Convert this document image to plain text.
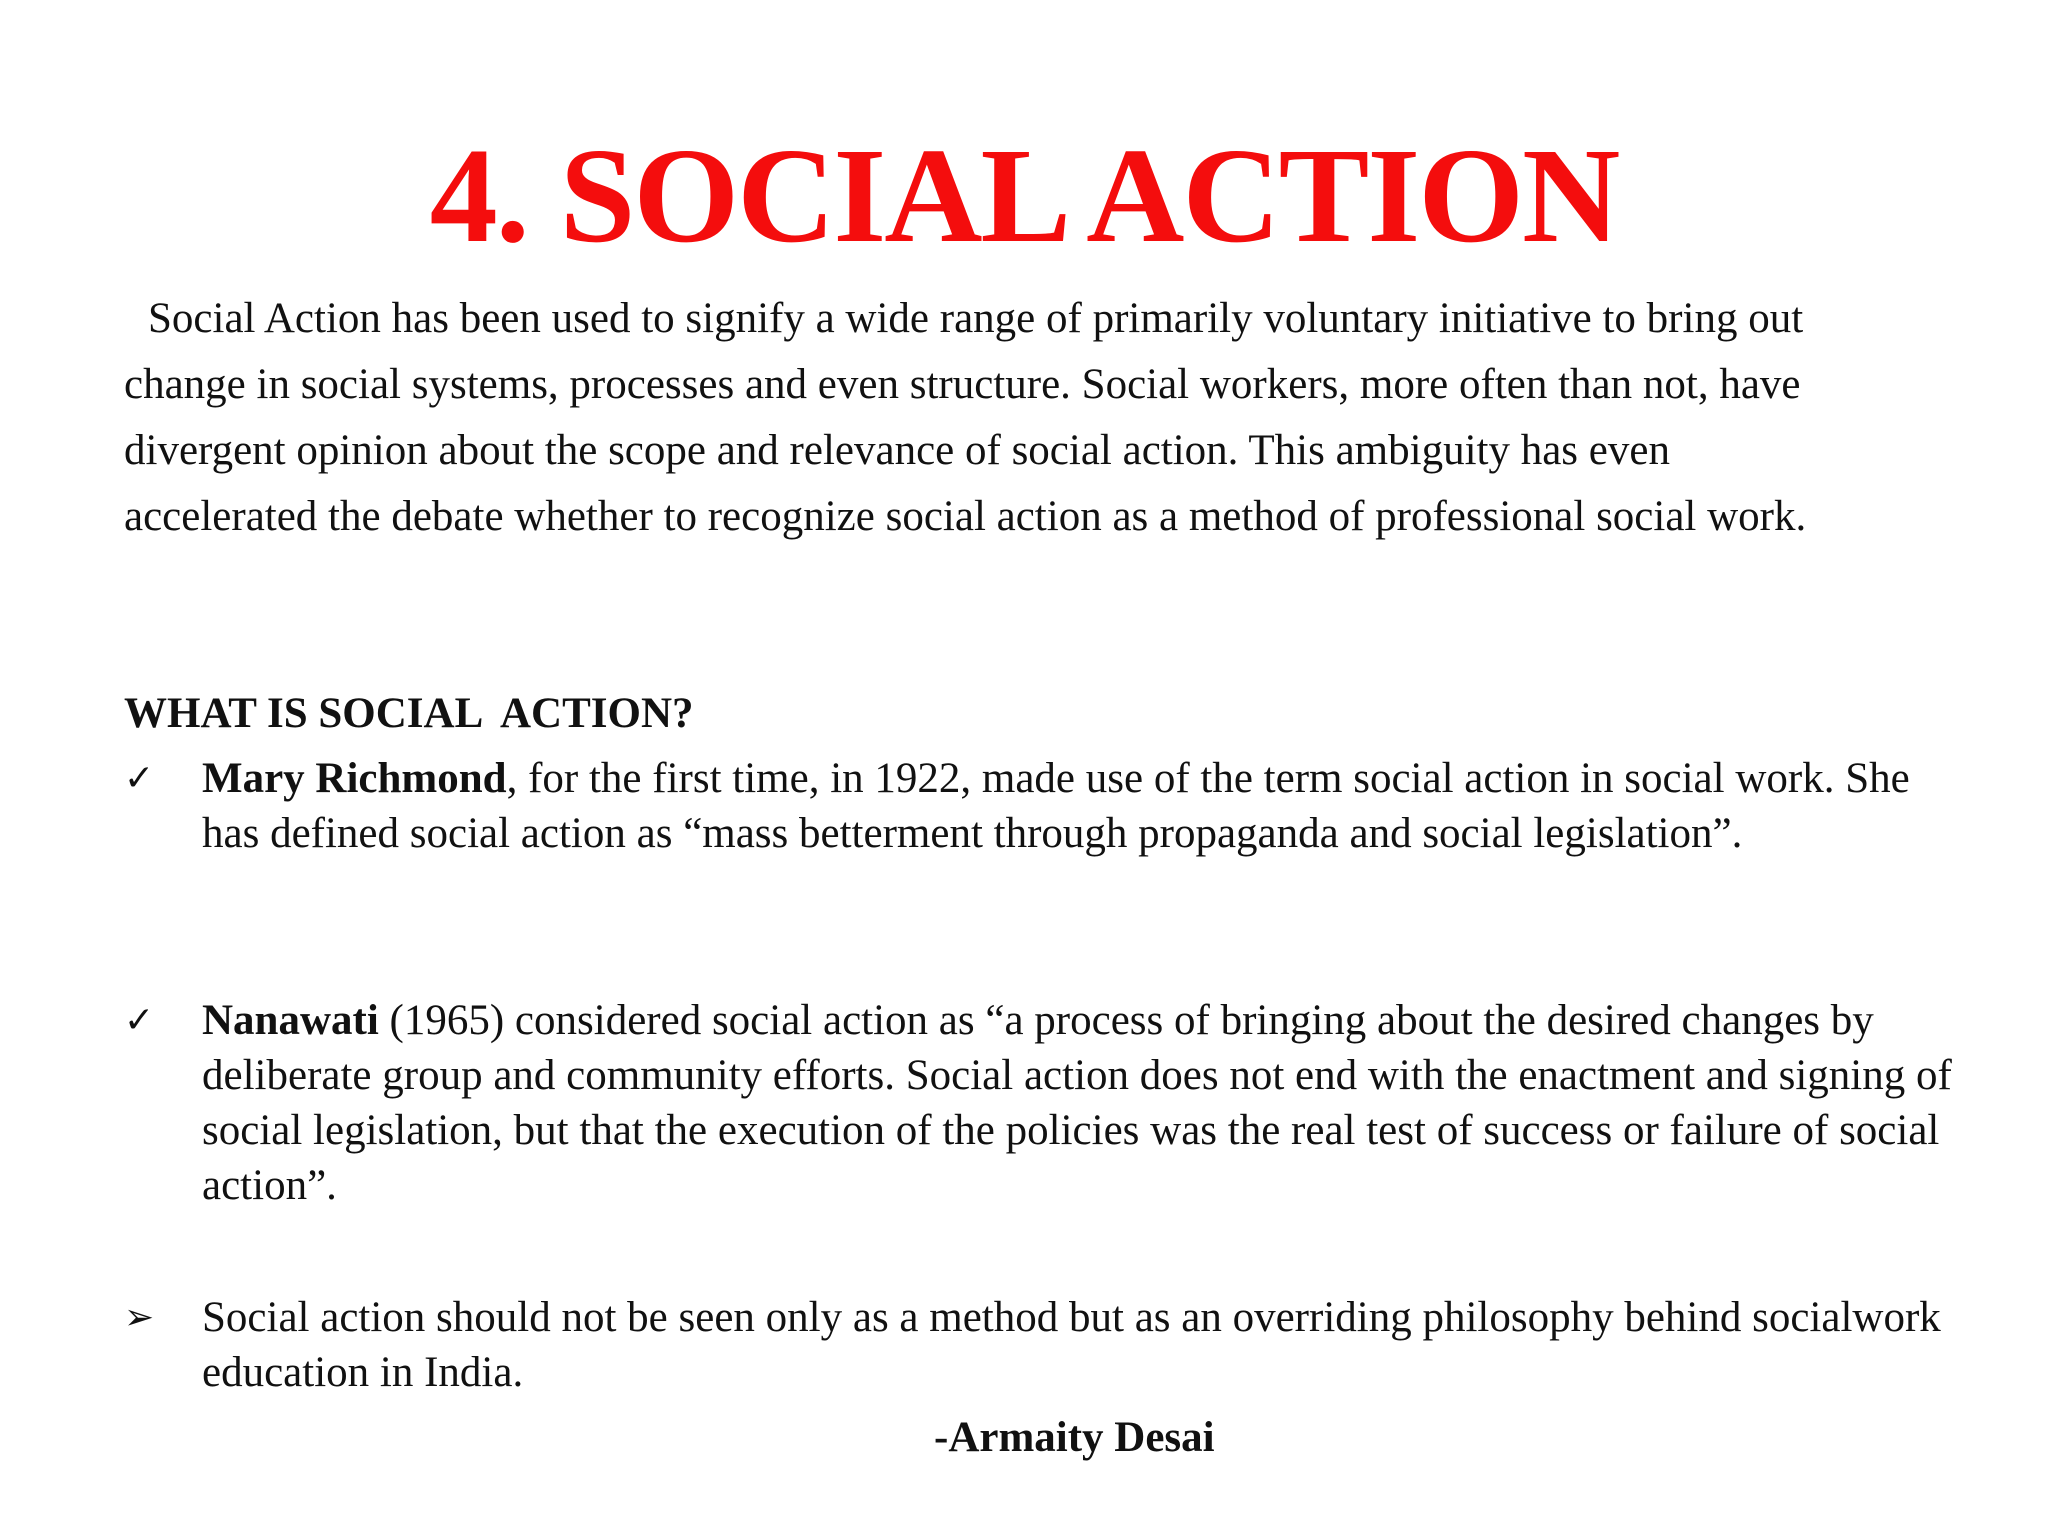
4. SOCIAL ACTION

Social Action has been used to signify a wide range of primarily voluntary initiative to bring out change in social systems, processes and even structure. Social workers, more often than not, have divergent opinion about the scope and relevance of social action. This ambiguity has even accelerated the debate whether to recognize social action as a method of professional social work.

WHAT IS SOCIAL  ACTION?
✓	Mary Richmond, for the first time, in 1922, made use of the term social action in social work. She has defined social action as “mass betterment through propaganda and social legislation”.
✓	Nanawati (1965) considered social action as “a process of bringing about the desired changes by deliberate group and community efforts. Social action does not end with the enactment and signing of social legislation, but that the execution of the policies was the real test of success or failure of social action”.
➢	Social action should not be seen only as a method but as an overriding philosophy behind socialwork education in India.
-Armaity Desai
